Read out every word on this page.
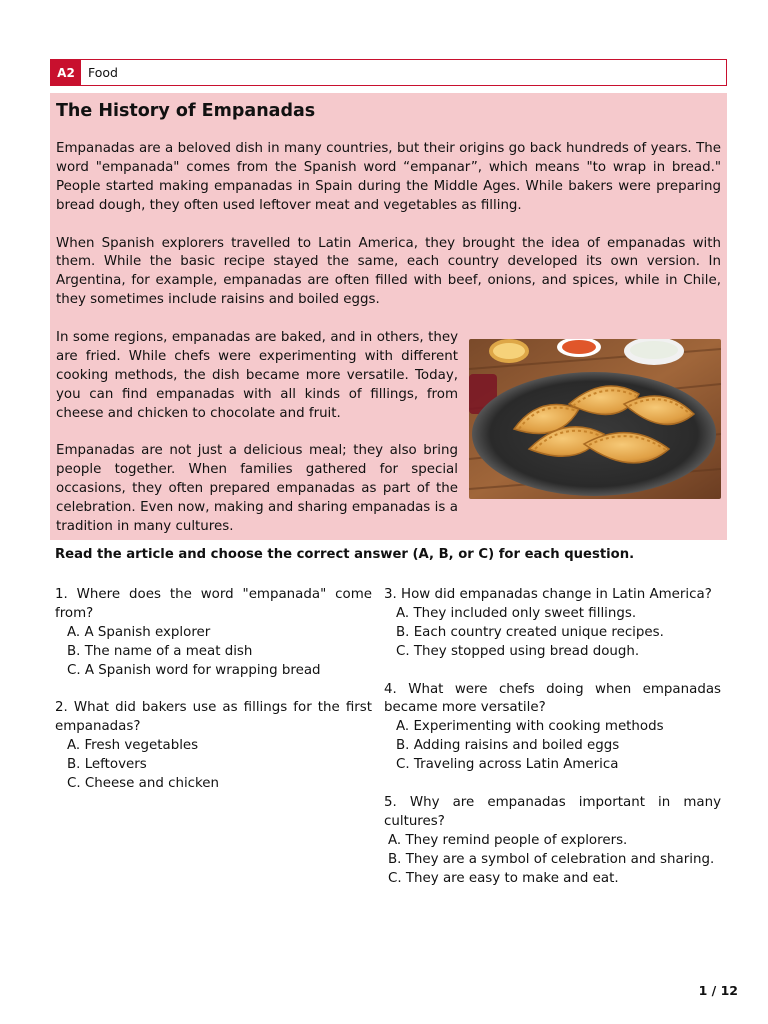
A2	Food
The History of Empanadas

Empanadas are a beloved dish in many countries, but their origins go back hundreds of years. The word "empanada" comes from the Spanish word “empanar”, which means "to wrap in bread." People started making empanadas in Spain during the Middle Ages. While bakers were preparing bread dough, they often used leftover meat and vegetables as filling.

When Spanish explorers travelled to Latin America, they brought the idea of empanadas with them. While the basic recipe stayed the same, each country developed its own version. In Argentina, for example, empanadas are often filled with beef, onions, and spices, while in Chile, they sometimes include raisins and boiled eggs.

In some regions, empanadas are baked, and in others, they are fried. While chefs were experimenting with different cooking methods, the dish became more versatile. Today, you can find empanadas with all kinds of fillings, from cheese and chicken to chocolate and fruit.

Empanadas are not just a delicious meal; they also bring people together. When families gathered for special occasions, they often prepared empanadas as part of the celebration. Even now, making and sharing empanadas is a tradition in many cultures.

Read the article and choose the correct answer (A, B, or C) for each question.
1. Where does the word "empanada" come from?
A. A Spanish explorer
B. The name of a meat dish
C. A Spanish word for wrapping bread
2. What did bakers use as fillings for the first empanadas?
A. Fresh vegetables
B. Leftovers
C. Cheese and chicken
3. How did empanadas change in Latin America?
A. They included only sweet fillings.
B. Each country created unique recipes.
C. They stopped using bread dough.
4. What were chefs doing when empanadas became more versatile?
A. Experimenting with cooking methods
B. Adding raisins and boiled eggs
C. Traveling across Latin America
5. Why are empanadas important in many cultures?
A. They remind people of explorers.
B. They are a symbol of celebration and sharing.
C. They are easy to make and eat.
1 / 12
